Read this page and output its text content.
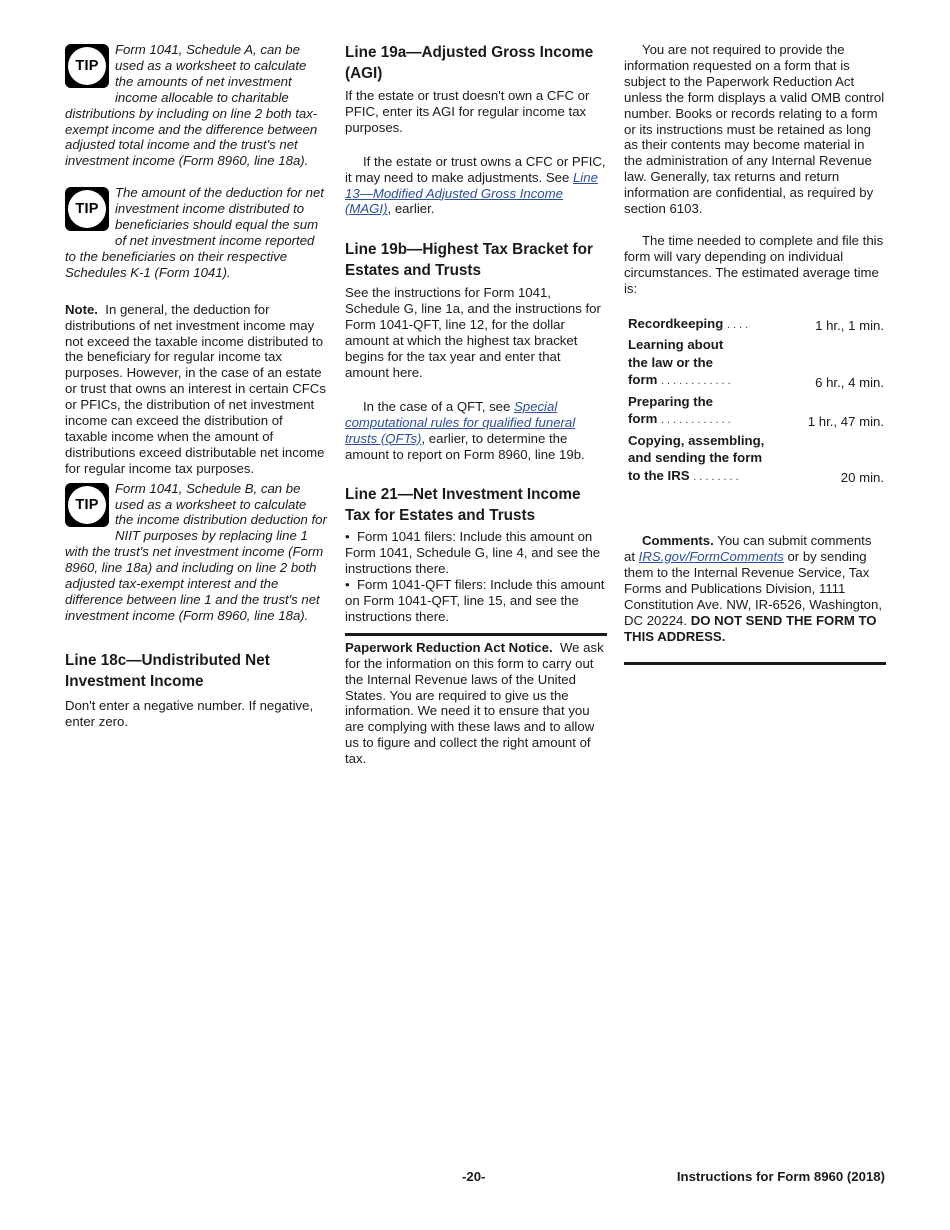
TIP

Form 1041, Schedule A, can be used as a worksheet to calculate the amounts of net investment income allocable to charitable distributions by including on line 2 both tax-exempt income and the difference between adjusted total income and the trust's net investment income (Form 8960, line 18a).

TIP

The amount of the deduction for net investment income distributed to beneficiaries should equal the sum of net investment income reported to the beneficiaries on their respective Schedules K-1 (Form 1041).

Note. In general, the deduction for distributions of net investment income may not exceed the taxable income distributed to the beneficiary for regular income tax purposes. However, in the case of an estate or trust that owns an interest in certain CFCs or PFICs, the distribution of net investment income can exceed the distribution of taxable income when the amount of distributions exceed distributable net income for regular income tax purposes.

TIP

Form 1041, Schedule B, can be used as a worksheet to calculate the income distribution deduction for NIIT purposes by replacing line 1 with the trust's net investment income (Form 8960, line 18a) and including on line 2 both adjusted tax-exempt interest and the difference between line 1 and the trust's net investment income (Form 8960, line 18a).

Line 18c—Undistributed Net Investment Income

Don't enter a negative number. If negative, enter zero.

Line 19a—Adjusted Gross Income (AGI)

If the estate or trust doesn't own a CFC or PFIC, enter its AGI for regular income tax purposes.

If the estate or trust owns a CFC or PFIC, it may need to make adjustments. See Line 13—Modified Adjusted Gross Income (MAGI), earlier.

Line 19b—Highest Tax Bracket for Estates and Trusts

See the instructions for Form 1041, Schedule G, line 1a, and the instructions for Form 1041-QFT, line 12, for the dollar amount at which the highest tax bracket begins for the tax year and enter that amount here.

In the case of a QFT, see Special computational rules for qualified funeral trusts (QFTs), earlier, to determine the amount to report on Form 8960, line 19b.

Line 21—Net Investment Income Tax for Estates and Trusts

•  Form 1041 filers: Include this amount on Form 1041, Schedule G, line 4, and see the instructions there.

•  Form 1041-QFT filers: Include this amount on Form 1041-QFT, line 15, and see the instructions there.

Paperwork Reduction Act Notice. We ask for the information on this form to carry out the Internal Revenue laws of the United States. You are required to give us the information. We need it to ensure that you are complying with these laws and to allow us to figure and collect the right amount of tax.

You are not required to provide the information requested on a form that is subject to the Paperwork Reduction Act unless the form displays a valid OMB control number. Books or records relating to a form or its instructions must be retained as long as their contents may become material in the administration of any Internal Revenue law. Generally, tax returns and return information are confidential, as required by section 6103.

The time needed to complete and file this form will vary depending on individual circumstances. The estimated average time is:

Recordkeeping ....	1 hr., 1 min.
Learning about
the law or the
form ............	6 hr., 4 min.
Preparing the
form ............	1 hr., 47 min.
Copying, assembling,
and sending the form
to the IRS ........	20 min.

Comments. You can submit comments at IRS.gov/FormComments or by sending them to the Internal Revenue Service, Tax Forms and Publications Division, 1111 Constitution Ave. NW, IR-6526, Washington, DC 20224. DO NOT SEND THE FORM TO THIS ADDRESS.

-20-	Instructions for Form 8960 (2018)
